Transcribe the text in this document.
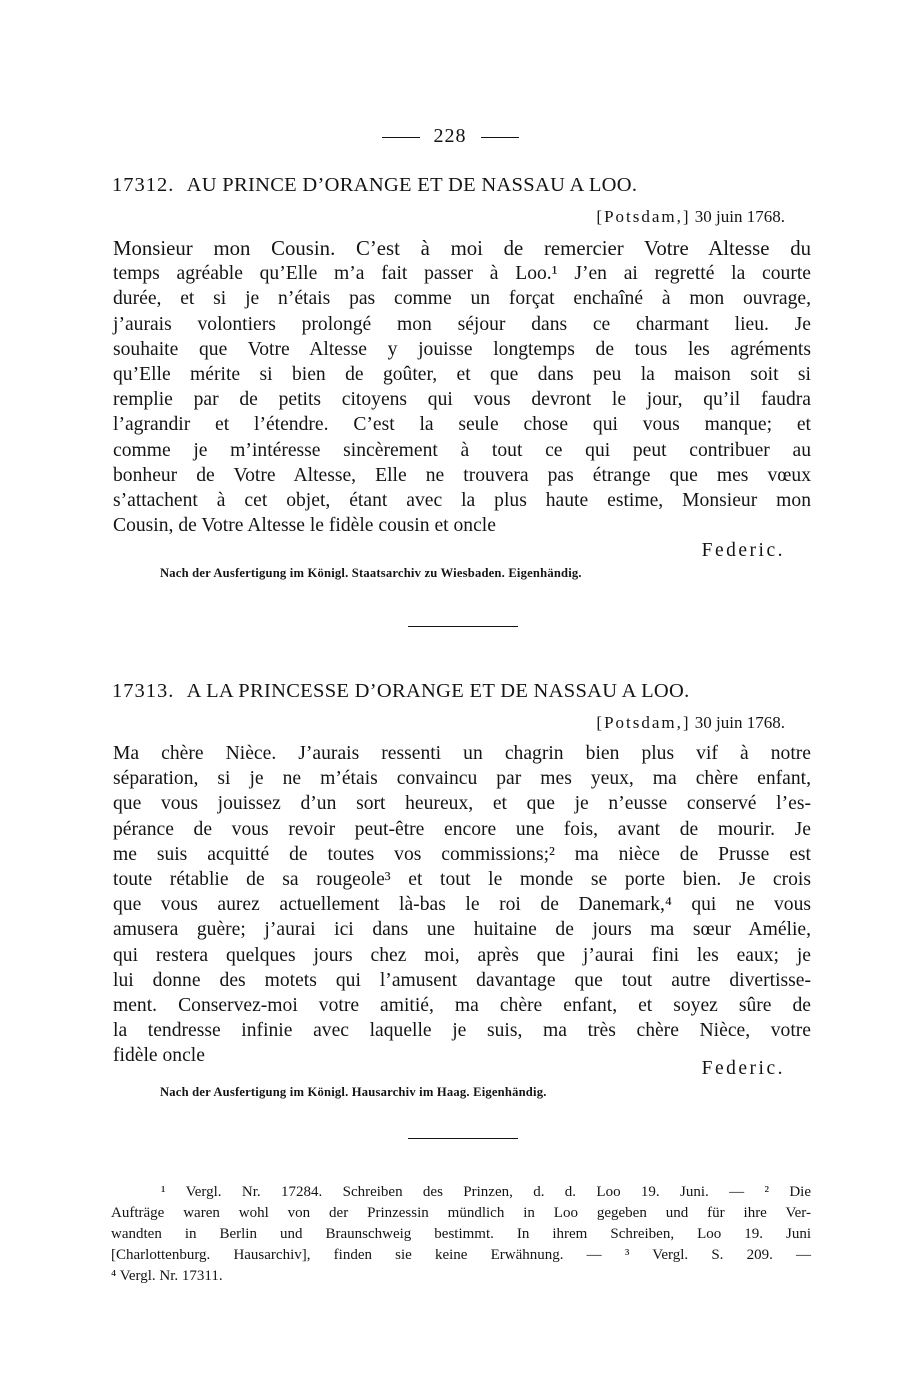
228
17312. AU PRINCE D’ORANGE ET DE NASSAU A LOO.
[Potsdam,] 30 juin 1768.
Monsieur mon Cousin. C’est à moi de remercier Votre Altesse du
temps agréable qu’Elle m’a fait passer à Loo.¹ J’en ai regretté la courte
durée, et si je n’étais pas comme un forçat enchaîné à mon ouvrage,
j’aurais volontiers prolongé mon séjour dans ce charmant lieu. Je
souhaite que Votre Altesse y jouisse longtemps de tous les agréments
qu’Elle mérite si bien de goûter, et que dans peu la maison soit si
remplie par de petits citoyens qui vous devront le jour, qu’il faudra
l’agrandir et l’étendre. C’est la seule chose qui vous manque; et
comme je m’intéresse sincèrement à tout ce qui peut contribuer au
bonheur de Votre Altesse, Elle ne trouvera pas étrange que mes vœux
s’attachent à cet objet, étant avec la plus haute estime, Monsieur mon
Cousin, de Votre Altesse le fidèle cousin et oncle
Federic.
Nach der Ausfertigung im Königl. Staatsarchiv zu Wiesbaden. Eigenhändig.
17313. A LA PRINCESSE D’ORANGE ET DE NASSAU A LOO.
[Potsdam,] 30 juin 1768.
Ma chère Nièce. J’aurais ressenti un chagrin bien plus vif à notre
séparation, si je ne m’étais convaincu par mes yeux, ma chère enfant,
que vous jouissez d’un sort heureux, et que je n’eusse conservé l’es-
pérance de vous revoir peut-être encore une fois, avant de mourir. Je
me suis acquitté de toutes vos commissions;² ma nièce de Prusse est
toute rétablie de sa rougeole³ et tout le monde se porte bien. Je crois
que vous aurez actuellement là-bas le roi de Danemark,⁴ qui ne vous
amusera guère; j’aurai ici dans une huitaine de jours ma sœur Amélie,
qui restera quelques jours chez moi, après que j’aurai fini les eaux; je
lui donne des motets qui l’amusent davantage que tout autre divertisse-
ment. Conservez-moi votre amitié, ma chère enfant, et soyez sûre de
la tendresse infinie avec laquelle je suis, ma très chère Nièce, votre
fidèle oncle
Federic.
Nach der Ausfertigung im Königl. Hausarchiv im Haag. Eigenhändig.
¹ Vergl. Nr. 17284. Schreiben des Prinzen, d. d. Loo 19. Juni. — ² Die
Aufträge waren wohl von der Prinzessin mündlich in Loo gegeben und für ihre Ver-
wandten in Berlin und Braunschweig bestimmt. In ihrem Schreiben, Loo 19. Juni
[Charlottenburg. Hausarchiv], finden sie keine Erwähnung. — ³ Vergl. S. 209. —
⁴ Vergl. Nr. 17311.
